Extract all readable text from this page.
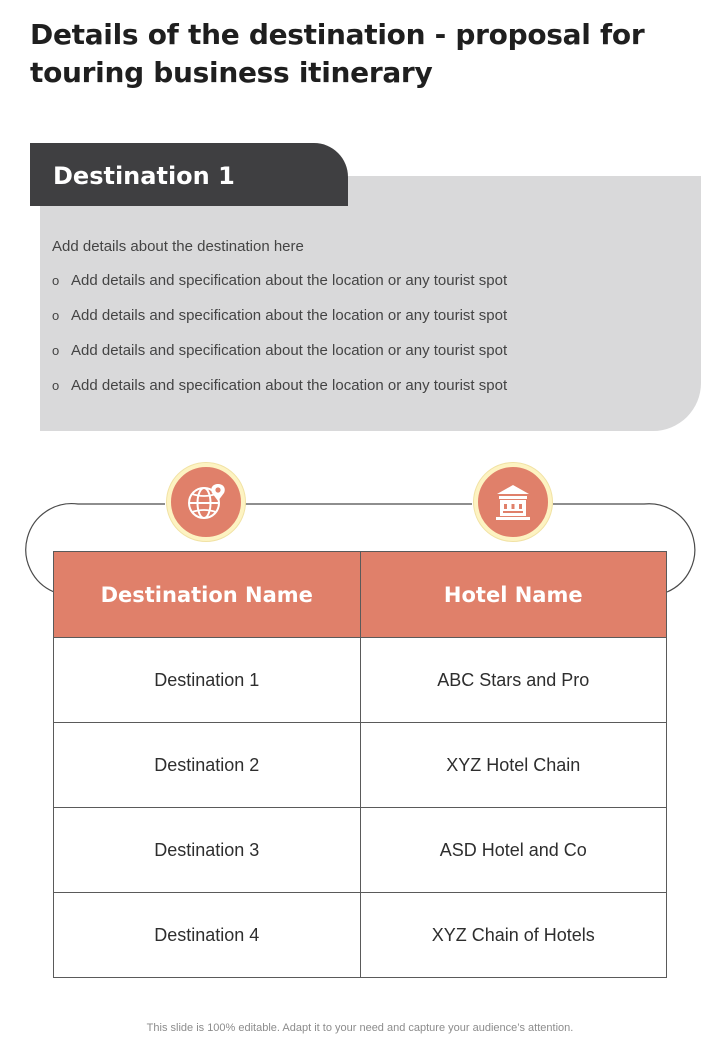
Details of the destination - proposal for touring business itinerary
Add details about the destination here
o Add details and specification about the location or any tourist spot
o Add details and specification about the location or any tourist spot
o Add details and specification about the location or any tourist spot
o Add details and specification about the location or any tourist spot
Destination 1
Destination Name	Hotel Name
Destination 1	ABC Stars and Pro
Destination 2	XYZ Hotel Chain
Destination 3	ASD Hotel and Co
Destination 4	XYZ Chain of Hotels
This slide is 100% editable. Adapt it to your need and capture your audience’s attention.
